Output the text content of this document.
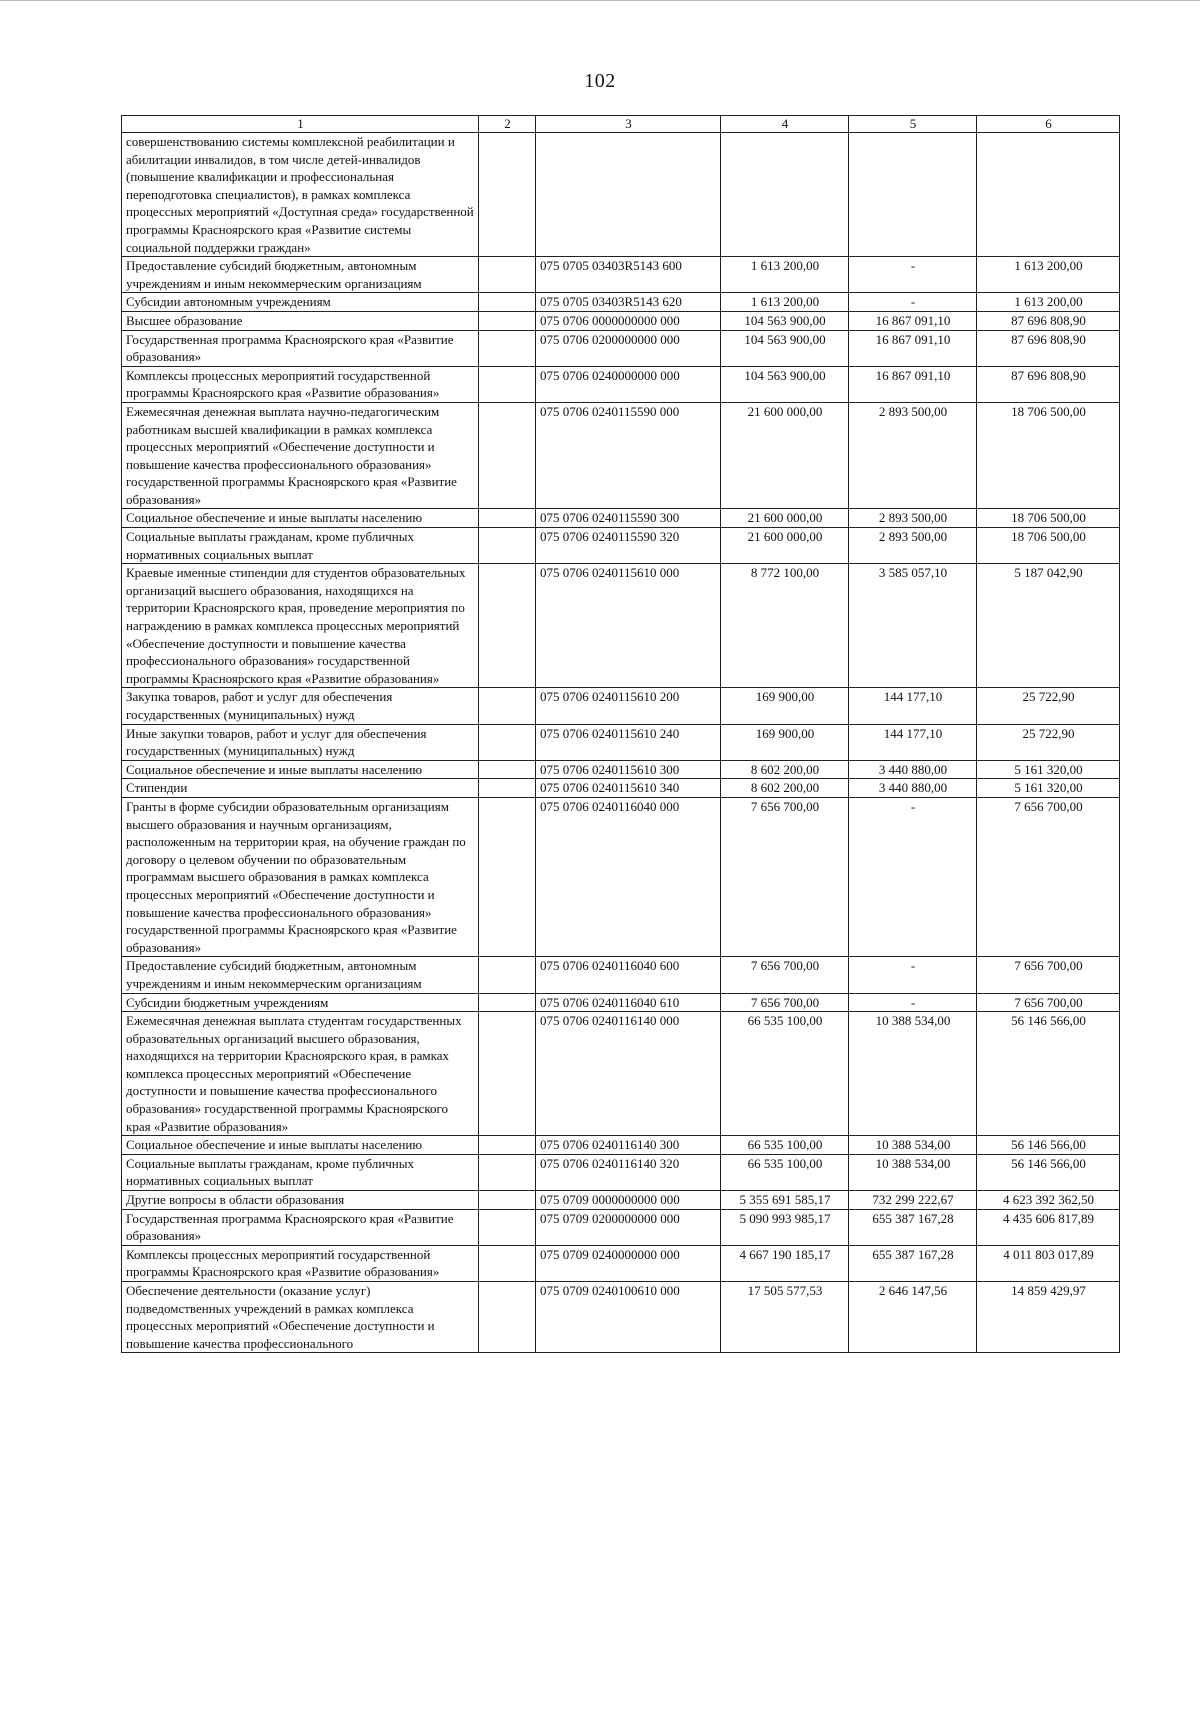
102
1	2	3	4	5	6
совершенствованию системы комплексной реабилитации и абилитации инвалидов, в том числе детей-инвалидов (повышение квалификации и профессиональная переподготовка специалистов), в рамках комплекса процессных мероприятий «Доступная среда» государственной программы Красноярского края «Развитие системы социальной поддержки граждан»					
Предоставление субсидий бюджетным, автономным учреждениям и иным некоммерческим организациям		075 0705 03403R5143 600	1 613 200,00	-	1 613 200,00
Субсидии автономным учреждениям		075 0705 03403R5143 620	1 613 200,00	-	1 613 200,00
Высшее образование		075 0706 0000000000 000	104 563 900,00	16 867 091,10	87 696 808,90
Государственная программа Красноярского края «Развитие образования»		075 0706 0200000000 000	104 563 900,00	16 867 091,10	87 696 808,90
Комплексы процессных мероприятий государственной программы Красноярского края «Развитие образования»		075 0706 0240000000 000	104 563 900,00	16 867 091,10	87 696 808,90
Ежемесячная денежная выплата научно-педагогическим работникам высшей квалификации в рамках комплекса процессных мероприятий «Обеспечение доступности и повышение качества профессионального образования» государственной программы Красноярского края «Развитие образования»		075 0706 0240115590 000	21 600 000,00	2 893 500,00	18 706 500,00
Социальное обеспечение и иные выплаты населению		075 0706 0240115590 300	21 600 000,00	2 893 500,00	18 706 500,00
Социальные выплаты гражданам, кроме публичных нормативных социальных выплат		075 0706 0240115590 320	21 600 000,00	2 893 500,00	18 706 500,00
Краевые именные стипендии для студентов образовательных организаций высшего образования, находящихся на территории Красноярского края, проведение мероприятия по награждению в рамках комплекса процессных мероприятий «Обеспечение доступности и повышение качества профессионального образования» государственной программы Красноярского края «Развитие образования»		075 0706 0240115610 000	8 772 100,00	3 585 057,10	5 187 042,90
Закупка товаров, работ и услуг для обеспечения государственных (муниципальных) нужд		075 0706 0240115610 200	169 900,00	144 177,10	25 722,90
Иные закупки товаров, работ и услуг для обеспечения государственных (муниципальных) нужд		075 0706 0240115610 240	169 900,00	144 177,10	25 722,90
Социальное обеспечение и иные выплаты населению		075 0706 0240115610 300	8 602 200,00	3 440 880,00	5 161 320,00
Стипендии		075 0706 0240115610 340	8 602 200,00	3 440 880,00	5 161 320,00
Гранты в форме субсидии образовательным организациям высшего образования и научным организациям, расположенным на территории края, на обучение граждан по договору о целевом обучении по образовательным программам высшего образования в рамках комплекса процессных мероприятий «Обеспечение доступности и повышение качества профессионального образования» государственной программы Красноярского края «Развитие образования»		075 0706 0240116040 000	7 656 700,00	-	7 656 700,00
Предоставление субсидий бюджетным, автономным учреждениям и иным некоммерческим организациям		075 0706 0240116040 600	7 656 700,00	-	7 656 700,00
Субсидии бюджетным учреждениям		075 0706 0240116040 610	7 656 700,00	-	7 656 700,00
Ежемесячная денежная выплата студентам государственных образовательных организаций высшего образования, находящихся на территории Красноярского края, в рамках комплекса процессных мероприятий «Обеспечение доступности и повышение качества профессионального образования» государственной программы Красноярского края «Развитие образования»		075 0706 0240116140 000	66 535 100,00	10 388 534,00	56 146 566,00
Социальное обеспечение и иные выплаты населению		075 0706 0240116140 300	66 535 100,00	10 388 534,00	56 146 566,00
Социальные выплаты гражданам, кроме публичных нормативных социальных выплат		075 0706 0240116140 320	66 535 100,00	10 388 534,00	56 146 566,00
Другие вопросы в области образования		075 0709 0000000000 000	5 355 691 585,17	732 299 222,67	4 623 392 362,50
Государственная программа Красноярского края «Развитие образования»		075 0709 0200000000 000	5 090 993 985,17	655 387 167,28	4 435 606 817,89
Комплексы процессных мероприятий государственной программы Красноярского края «Развитие образования»		075 0709 0240000000 000	4 667 190 185,17	655 387 167,28	4 011 803 017,89
Обеспечение деятельности (оказание услуг) подведомственных учреждений в рамках комплекса процессных мероприятий «Обеспечение доступности и повышение качества профессионального		075 0709 0240100610 000	17 505 577,53	2 646 147,56	14 859 429,97
